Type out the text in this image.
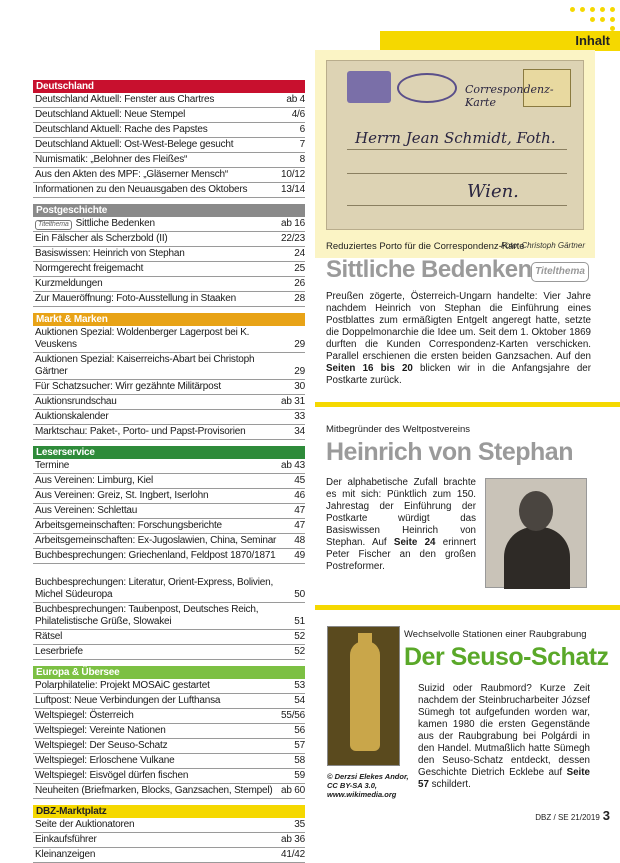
Inhalt
Deutschland
Deutschland Aktuell: Fenster aus Chartres	ab 4
Deutschland Aktuell: Neue Stempel	4/6
Deutschland Aktuell: Rache des Papstes	6
Deutschland Aktuell: Ost-West-Belege gesucht	7
Numismatik: „Belohner des Fleißes“	8
Aus den Akten des MPF: „Gläserner Mensch“	10/12
Informationen zu den Neuausgaben des Oktobers	13/14
Postgeschichte
Titelthema Sittliche Bedenken	ab 16
Ein Fälscher als Scherzbold (II)	22/23
Basiswissen: Heinrich von Stephan	24
Normgerecht freigemacht	25
Kurzmeldungen	26
Zur Maueröffnung: Foto-Ausstellung in Staaken	28
Markt & Marken
Auktionen Spezial: Woldenberger Lagerpost bei K. Veuskens	29
Auktionen Spezial: Kaiserreichs-Abart bei Christoph Gärtner	29
Für Schatzsucher: Wirr gezähnte Militärpost	30
Auktionsrundschau	ab 31
Auktionskalender	33
Marktschau: Paket-, Porto- und Papst-Provisorien	34
Leserservice
Termine	ab 43
Aus Vereinen: Limburg, Kiel	45
Aus Vereinen: Greiz, St. Ingbert, Iserlohn	46
Aus Vereinen: Schlettau	47
Arbeitsgemeinschaften: Forschungsberichte	47
Arbeitsgemeinschaften: Ex-Jugoslawien, China, Seminar	48
Buchbesprechungen: Griechenland, Feldpost 1870/1871	49
Buchbesprechungen: Literatur, Orient-Express, Bolivien, Michel Südeuropa	50
Buchbesprechungen: Taubenpost, Deutsches Reich, Philatelistische Grüße, Slowakei	51
Rätsel	52
Leserbriefe	52
Europa & Übersee
Polarphilatelie: Projekt MOSAiC gestartet	53
Luftpost: Neue Verbindungen der Lufthansa	54
Weltspiegel: Österreich	55/56
Weltspiegel: Vereinte Nationen	56
Weltspiegel: Der Seuso-Schatz	57
Weltspiegel: Erloschene Vulkane	58
Weltspiegel: Eisvögel dürfen fischen	59
Neuheiten (Briefmarken, Blocks, Ganzsachen, Stempel) ab 60
DBZ-Marktplatz
Seite der Auktionatoren	35
Einkaufsführer	ab 36
Kleinanzeigen	41/42
Correspondenz-Karte
Herrn Jean Schmidt, Foth.
Wien.
Foto: Christoph Gärtner
Reduziertes Porto für die Correspondenz-Karte
Sittliche Bedenken Titelthema
Preußen zögerte, Österreich-Ungarn handelte: Vier Jahre nachdem Heinrich von Stephan die Einführung eines Postblattes zum ermäßigten Entgelt angeregt hatte, setzte die Doppelmonarchie die Idee um. Seit dem 1. Oktober 1869 durften die Kunden Correspondenz-Karten verschicken. Parallel erschienen die ersten beiden Ganzsachen. Auf den Seiten 16 bis 20 blicken wir in die Anfangsjahre der Postkarte zurück.
Mitbegründer des Weltpostvereins
Heinrich von Stephan
Der alphabetische Zufall brachte es mit sich: Pünktlich zum 150. Jahrestag der Einführung der Postkarte würdigt das Basiswissen Heinrich von Stephan. Auf Seite 24 erinnert Peter Fischer an den großen Postreformer.
© Derzsi Elekes Andor, CC BY-SA 3.0, www.wikimedia.org
Wechselvolle Stationen einer Raubgrabung
Der Seuso-Schatz
Suizid oder Raubmord? Kurze Zeit nachdem der Steinbrucharbeiter József Sümegh tot aufgefunden worden war, kamen 1980 die ersten Gegenstände aus der Raubgrabung bei Polgárdi in den Handel. Mutmaßlich hatte Sümegh den Seuso-Schatz entdeckt, dessen Geschichte Dietrich Ecklebe auf Seite 57 schildert.
DBZ / SE 21/2019 3
